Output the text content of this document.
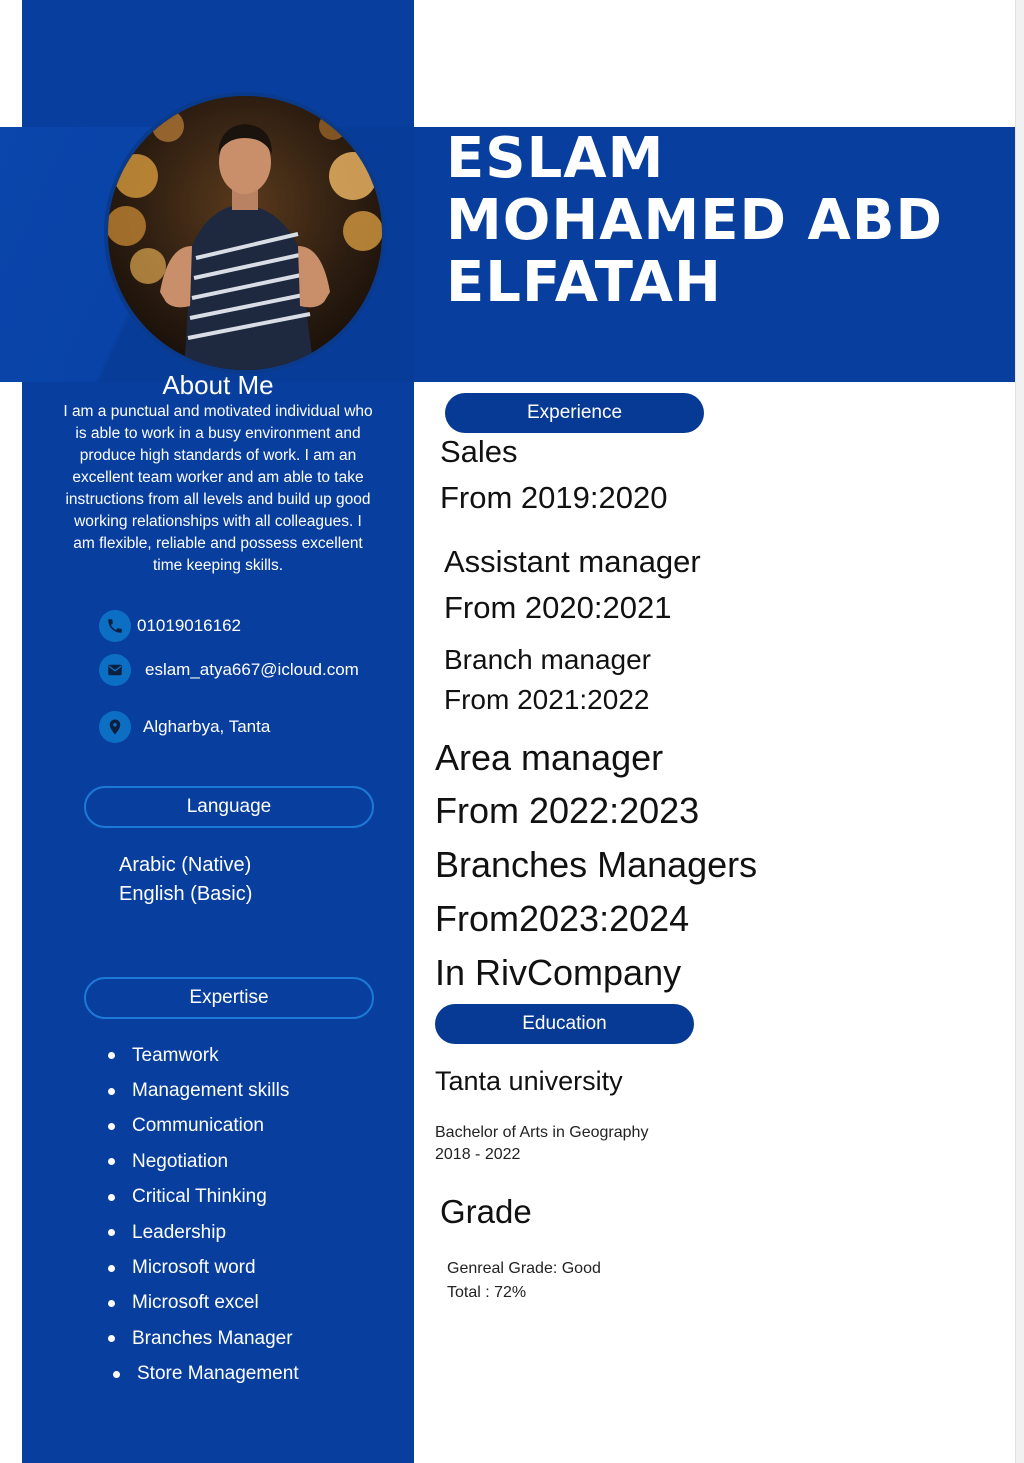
ESLAM
MOHAMED ABD
ELFATAH
About Me

I am a punctual and motivated individual who is able to work in a busy environment and produce high standards of work. I am an excellent team worker and am able to take instructions from all levels and build up good working relationships with all colleagues. I am flexible, reliable and possess excellent time keeping skills.

01019016162
eslam_atya667@icloud.com
Algharbya, Tanta
Language
Arabic (Native)
English (Basic)
Expertise
Teamwork
Management skills
Communication
Negotiation
Critical Thinking
Leadership
Microsoft word
Microsoft excel
Branches Manager
Store Management
Experience

Sales

From 2019:2020

Assistant manager

From 2020:2021

Branch manager

From 2021:2022

Area manager

From 2022:2023

Branches Managers

From2023:2024

In RivCompany

Education

Tanta university

Bachelor of Arts in Geography

2018 - 2022

Grade

Genreal Grade: Good

Total : 72%
